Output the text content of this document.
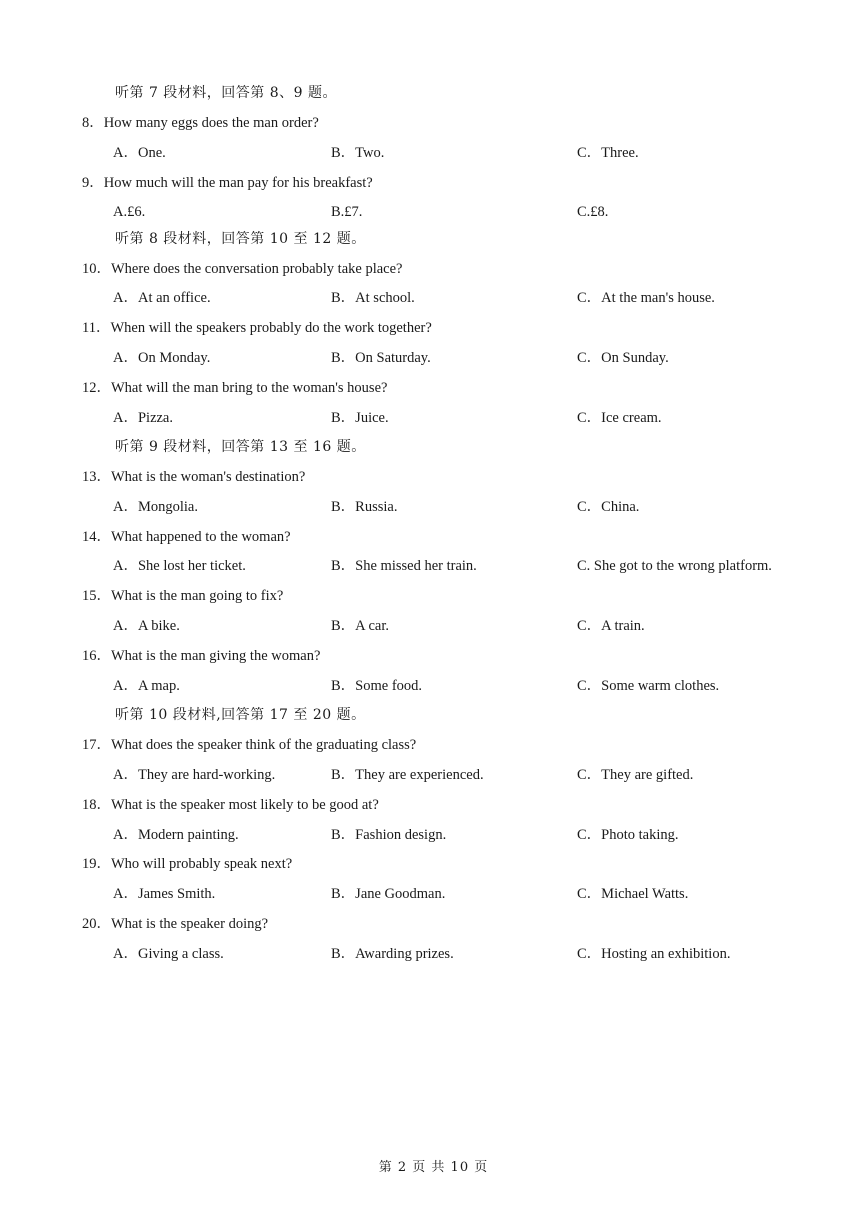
听第 7 段材料，回答第 8、9 题。
8．How many eggs does the man order?
A．One.	B．Two.	C．Three.
9．How much will the man pay for his breakfast?
A.£6.	B.£7.	C.£8.
听第 8 段材料，回答第 10 至 12 题。
10．Where does the conversation probably take place?
A．At an office.	B．At school.	C．At the man's house.
11．When will the speakers probably do the work together?
A．On Monday.	B．On Saturday.	C．On Sunday.
12．What will the man bring to the woman's house?
A．Pizza.	B．Juice.	C．Ice cream.
听第 9 段材料，回答第 13 至 16 题。
13．What is the woman's destination?
A．Mongolia.	B．Russia.	C．China.
14．What happened to the woman?
A．She lost her ticket.	B．She missed her train.	C. She got to the wrong platform.
15．What is the man going to fix?
A．A bike.	B．A car.	C．A train.
16．What is the man giving the woman?
A．A map.	B．Some food.	C．Some warm clothes.
听第 10 段材料,回答第 17 至 20 题。
17．What does the speaker think of the graduating class?
A．They are hard-working.	B．They are experienced.	C．They are gifted.
18．What is the speaker most likely to be good at?
A．Modern painting.	B．Fashion design.	C．Photo taking.
19．Who will probably speak next?
A．James Smith.	B．Jane Goodman.	C．Michael Watts.
20．What is the speaker doing?
A．Giving a class.	B．Awarding prizes.	C．Hosting an exhibition.
第 2 页 共 10 页
